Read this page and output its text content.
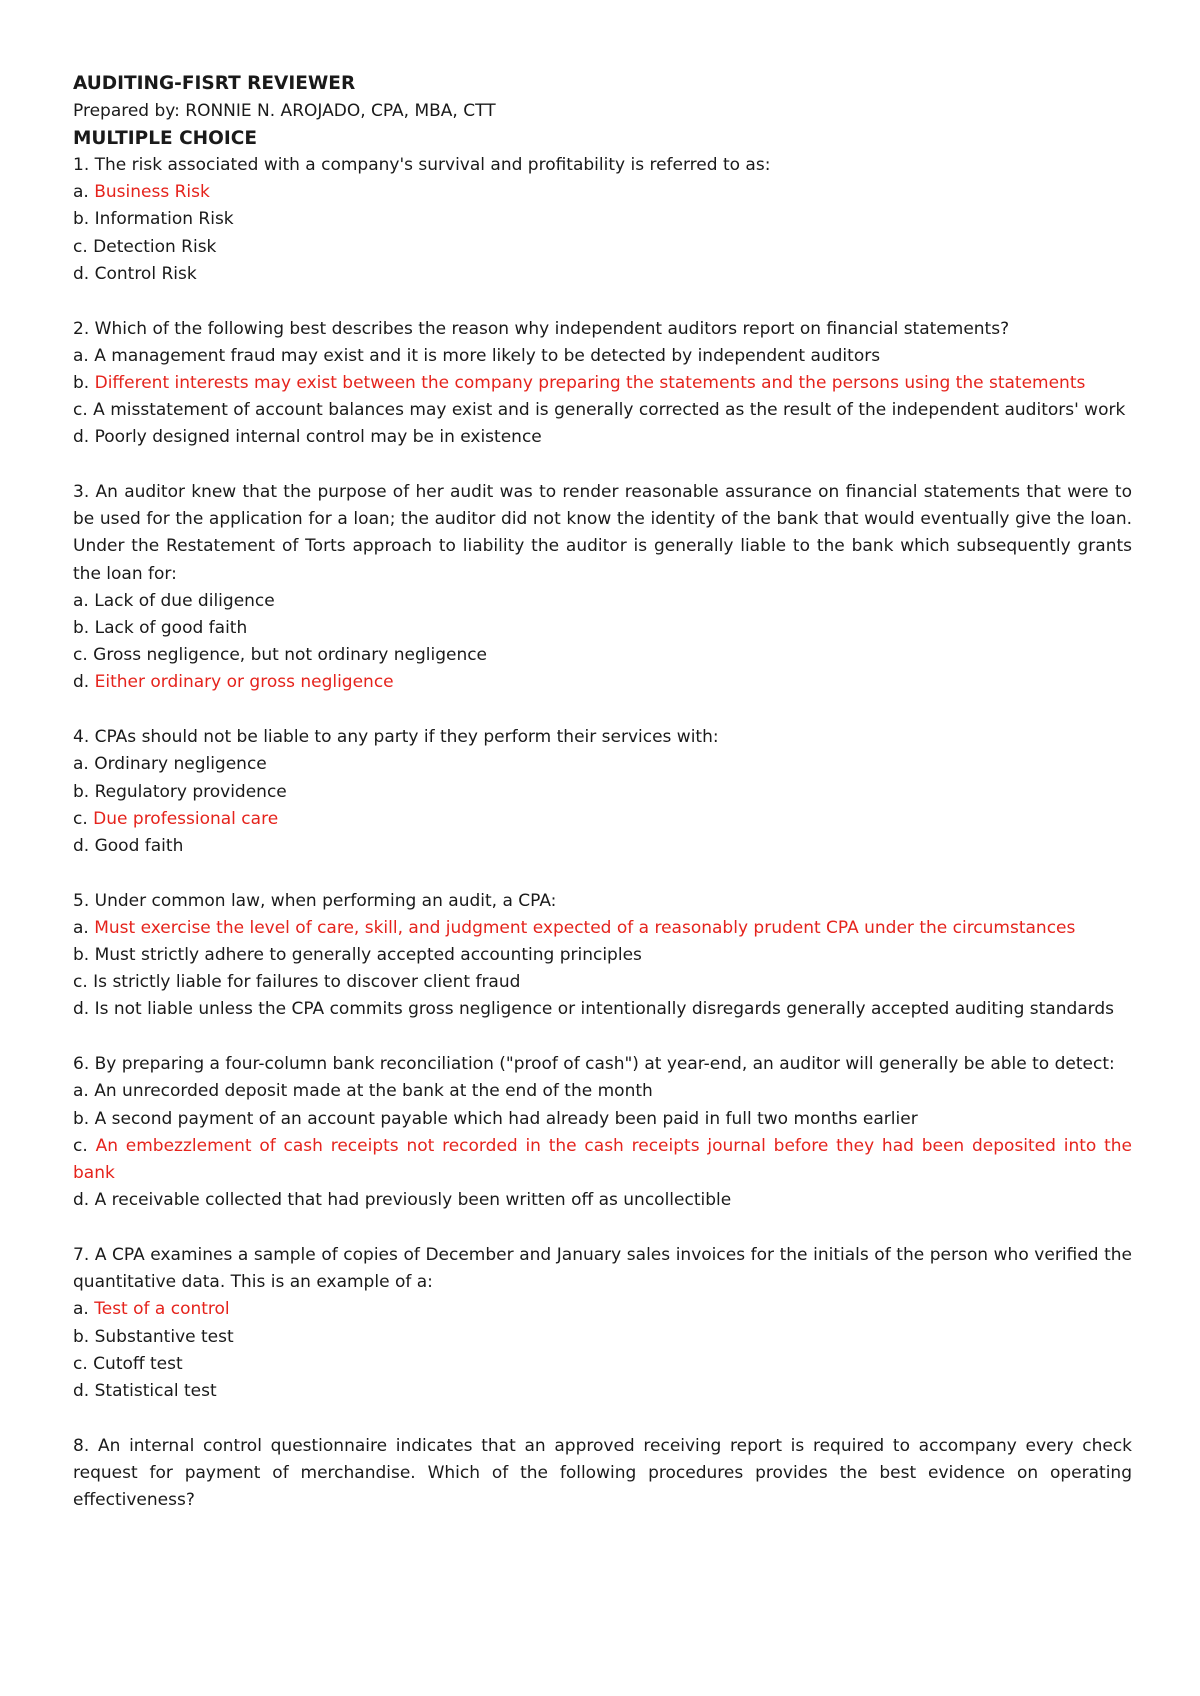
AUDITING-FISRT REVIEWER

Prepared by: RONNIE N. AROJADO, CPA, MBA, CTT

MULTIPLE CHOICE

1. The risk associated with a company's survival and profitability is referred to as:

a. Business Risk

b. Information Risk

c. Detection Risk

d. Control Risk

2. Which of the following best describes the reason why independent auditors report on financial statements?

a. A management fraud may exist and it is more likely to be detected by independent auditors

b. Different interests may exist between the company preparing the statements and the persons using the statements

c. A misstatement of account balances may exist and is generally corrected as the result of the independent auditors' work

d. Poorly designed internal control may be in existence

3. An auditor knew that the purpose of her audit was to render reasonable assurance on financial statements that were to be used for the application for a loan; the auditor did not know the identity of the bank that would eventually give the loan. Under the Restatement of Torts approach to liability the auditor is generally liable to the bank which subsequently grants the loan for:

a. Lack of due diligence

b. Lack of good faith

c. Gross negligence, but not ordinary negligence

d. Either ordinary or gross negligence

4. CPAs should not be liable to any party if they perform their services with:

a. Ordinary negligence

b. Regulatory providence

c. Due professional care

d. Good faith

5. Under common law, when performing an audit, a CPA:

a. Must exercise the level of care, skill, and judgment expected of a reasonably prudent CPA under the circumstances

b. Must strictly adhere to generally accepted accounting principles

c. Is strictly liable for failures to discover client fraud

d. Is not liable unless the CPA commits gross negligence or intentionally disregards generally accepted auditing standards

6. By preparing a four-column bank reconciliation ("proof of cash") at year-end, an auditor will generally be able to detect:

a. An unrecorded deposit made at the bank at the end of the month

b. A second payment of an account payable which had already been paid in full two months earlier

c. An embezzlement of cash receipts not recorded in the cash receipts journal before they had been deposited into the bank

d. A receivable collected that had previously been written off as uncollectible

7. A CPA examines a sample of copies of December and January sales invoices for the initials of the person who verified the quantitative data. This is an example of a:

a. Test of a control

b. Substantive test

c. Cutoff test

d. Statistical test

8. An internal control questionnaire indicates that an approved receiving report is required to accompany every check request for payment of merchandise. Which of the following procedures provides the best evidence on operating effectiveness?
